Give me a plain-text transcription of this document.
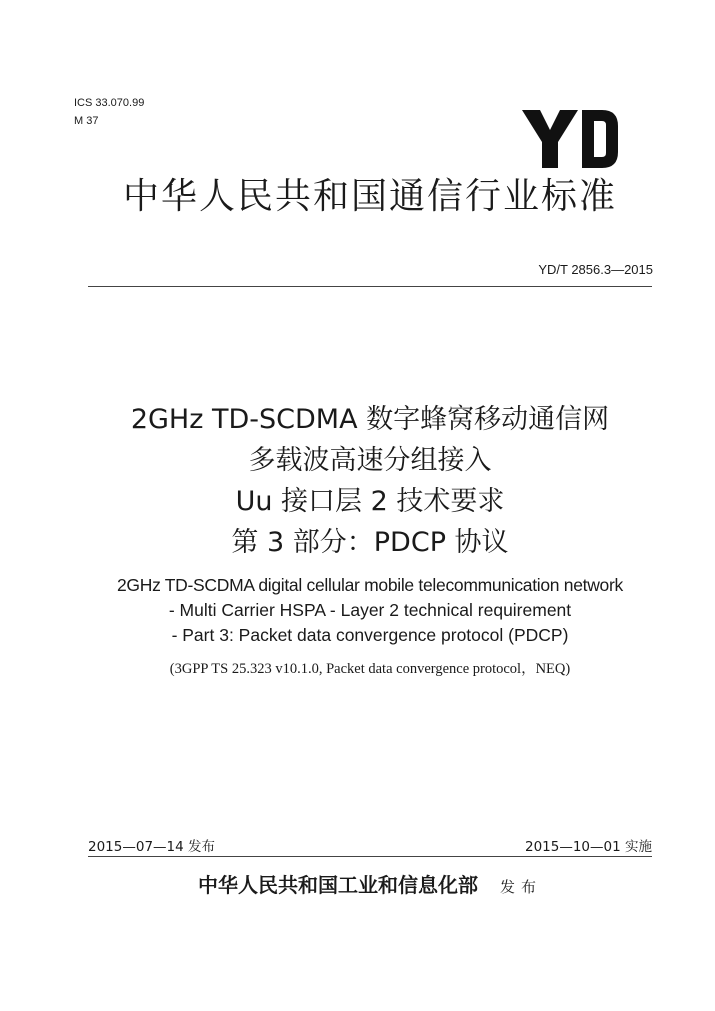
ICS 33.070.99
M 37
中华人民共和国通信行业标准
YD/T 2856.3—2015
2GHz TD-SCDMA 数字蜂窝移动通信网
多载波高速分组接入
Uu 接口层 2 技术要求
第 3 部分：PDCP 协议
2GHz TD-SCDMA digital cellular mobile telecommunication network
- Multi Carrier HSPA - Layer 2 technical requirement
- Part 3: Packet data convergence protocol (PDCP)
(3GPP TS 25.323 v10.1.0, Packet data convergence protocol，NEQ)
2015—07—14 发布	2015—10—01 实施
中华人民共和国工业和信息化部 发布
